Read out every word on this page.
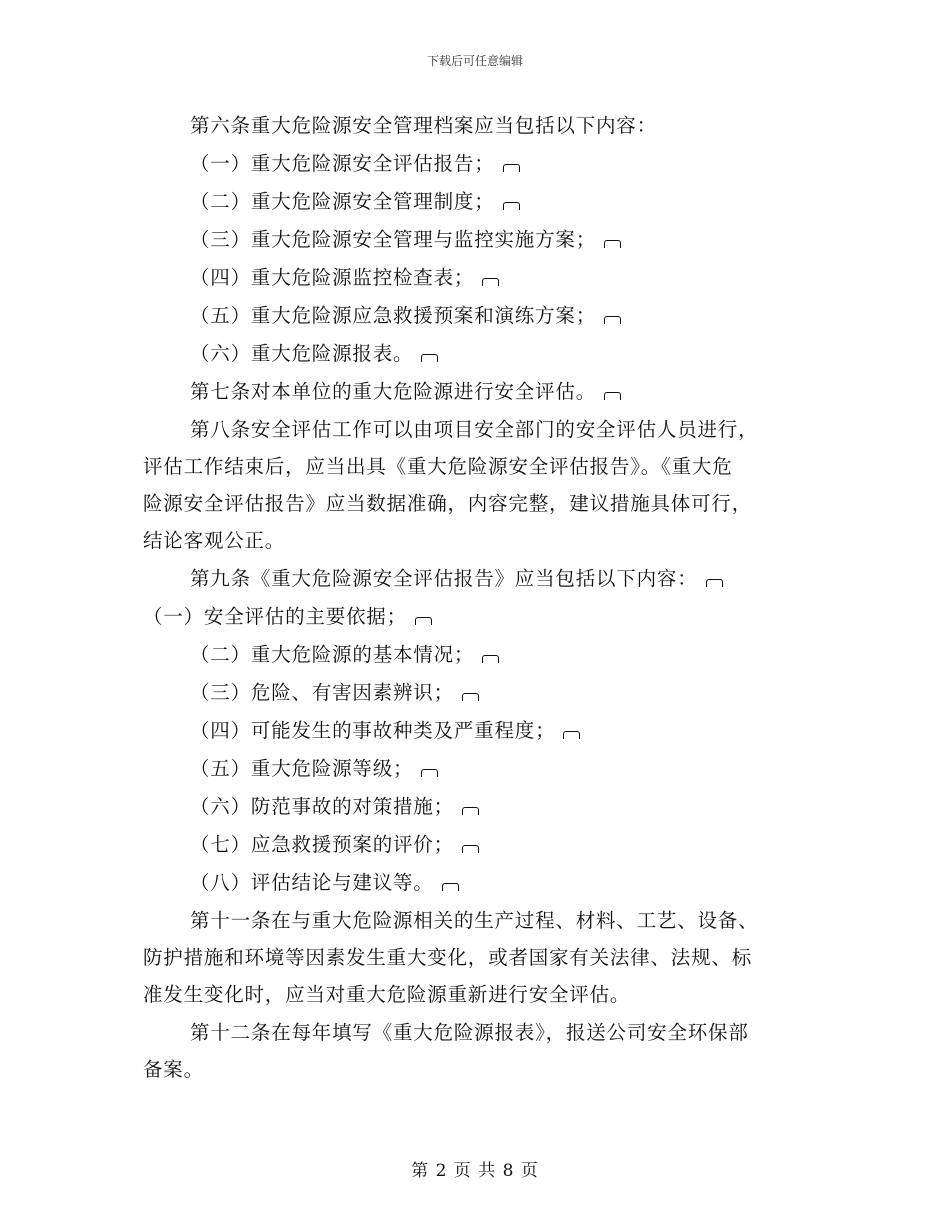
下载后可任意编辑
第六条重大危险源安全管理档案应当包括以下内容：
（一）重大危险源安全评估报告；
（二）重大危险源安全管理制度；
（三）重大危险源安全管理与监控实施方案；
（四）重大危险源监控检查表；
（五）重大危险源应急救援预案和演练方案；
（六）重大危险源报表。
第七条对本单位的重大危险源进行安全评估。
第八条安全评估工作可以由项目安全部门的安全评估人员进行，
评估工作结束后，应当出具《重大危险源安全评估报告》。《重大危
险源安全评估报告》应当数据准确，内容完整，建议措施具体可行，
结论客观公正。
第九条《重大危险源安全评估报告》应当包括以下内容：
（一）安全评估的主要依据；
（二）重大危险源的基本情况；
（三）危险、有害因素辨识；
（四）可能发生的事故种类及严重程度；
（五）重大危险源等级；
（六）防范事故的对策措施；
（七）应急救援预案的评价；
（八）评估结论与建议等。
第十一条在与重大危险源相关的生产过程、材料、工艺、设备、
防护措施和环境等因素发生重大变化，或者国家有关法律、法规、标
准发生变化时，应当对重大危险源重新进行安全评估。
第十二条在每年填写《重大危险源报表》，报送公司安全环保部
备案。
第 2 页 共 8 页
